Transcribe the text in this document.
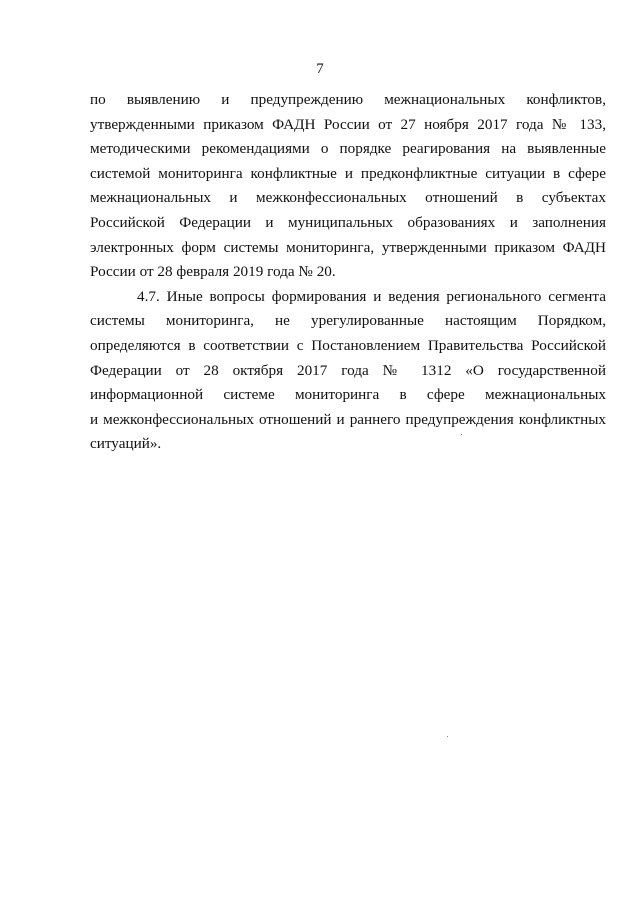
7
по выявлению и предупреждению межнациональных конфликтов,
утвержденными приказом ФАДН России от 27 ноября 2017 года № 133,
методическими рекомендациями о порядке реагирования на выявленные
системой мониторинга конфликтные и предконфликтные ситуации в сфере
межнациональных и межконфессиональных отношений в субъектах
Российской Федерации и муниципальных образованиях и заполнения
электронных форм системы мониторинга, утвержденными приказом ФАДН
России от 28 февраля 2019 года № 20.
4.7. Иные вопросы формирования и ведения регионального сегмента
системы мониторинга, не урегулированные настоящим Порядком,
определяются в соответствии с Постановлением Правительства Российской
Федерации от 28 октября 2017 года № 1312 «О государственной
информационной системе мониторинга в сфере межнациональных
и межконфессиональных отношений и раннего предупреждения конфликтных
ситуаций».
